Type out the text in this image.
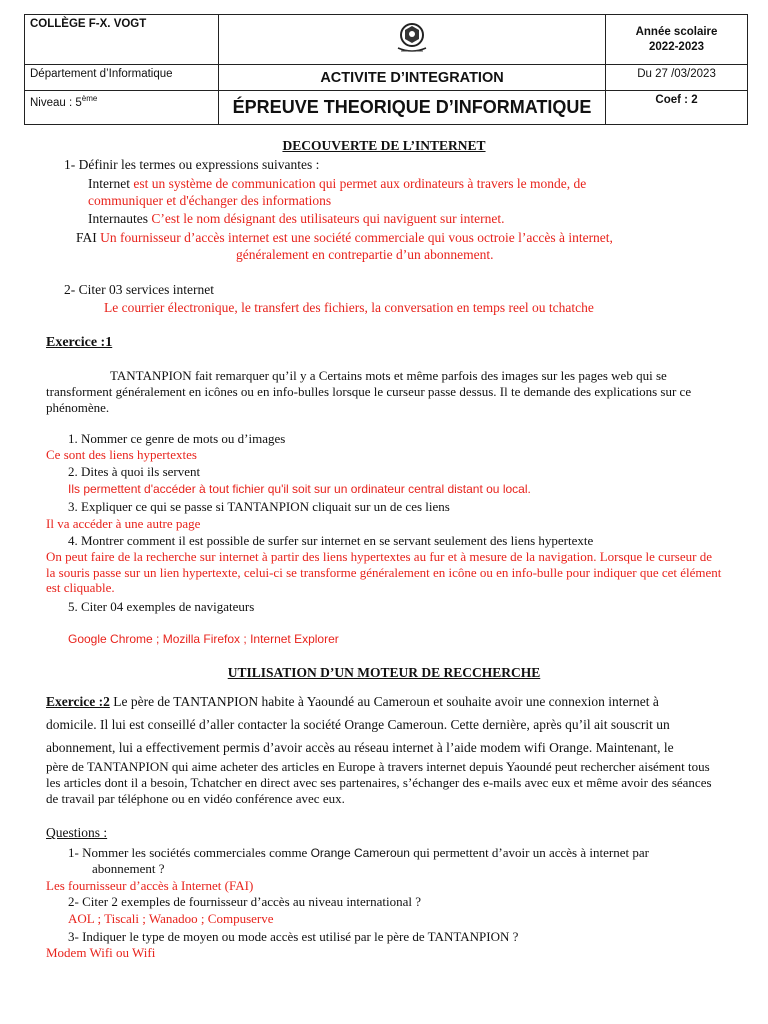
COLLÈGE F-X. VOGT		Année scolaire
2022-2023

Département d’Informatique	ACTIVITE D’INTEGRATION	Du 27 /03/2023
Niveau : 5ème	ÉPREUVE THEORIQUE D’INFORMATIQUE	Coef : 2
DECOUVERTE DE L’INTERNET
1- Définir les termes ou expressions suivantes :
Internet est un système de communication qui permet aux ordinateurs à travers le monde, de
communiquer et d'échanger des informations
Internautes C’est le nom désignant des utilisateurs qui naviguent sur internet.
FAI Un fournisseur d’accès internet est une société commerciale qui vous octroie l’accès à internet,
généralement en contrepartie d’un abonnement.
2- Citer 03 services internet
Le courrier électronique, le transfert des fichiers, la conversation en temps reel ou tchatche
Exercice :1
TANTANPION fait remarquer qu’il y a Certains mots et même parfois des images sur les pages web qui se transforment généralement en icônes ou en info-bulles lorsque le curseur passe dessus. Il te demande des explications sur ce phénomène.
1. Nommer ce genre de mots ou d’images
Ce sont des liens hypertextes
2. Dites à quoi ils servent
Ils permettent d'accéder à tout fichier qu'il soit sur un ordinateur central distant ou local.
3. Expliquer ce qui se passe si TANTANPION cliquait sur un de ces liens
Il va accéder à une autre page
4. Montrer comment il est possible de surfer sur internet en se servant seulement des liens hypertexte
On peut faire de la recherche sur internet à partir des liens hypertextes au fur et à mesure de la navigation. Lorsque le curseur de la souris passe sur un lien hypertexte, celui-ci se transforme généralement en icône ou en info-bulle pour indiquer que cet élément est cliquable.
5. Citer 04 exemples de navigateurs
Google Chrome ; Mozilla Firefox ; Internet Explorer
UTILISATION D’UN MOTEUR DE RECCHERCHE
Exercice :2 Le père de TANTANPION habite à Yaoundé au Cameroun et souhaite avoir une connexion internet à
domicile. Il lui est conseillé d’aller contacter la société Orange Cameroun. Cette dernière, après qu’il ait souscrit un
abonnement, lui a effectivement permis d’avoir accès au réseau internet à l’aide modem wifi Orange. Maintenant, le
père de TANTANPION qui aime acheter des articles en Europe à travers internet depuis Yaoundé peut rechercher aisément tous les articles dont il a besoin, Tchatcher en direct avec ses partenaires, s’échanger des e-mails avec eux et même avoir des séances de travail par téléphone ou en vidéo conférence avec eux.
Questions :
1- Nommer les sociétés commerciales comme Orange Cameroun qui permettent d’avoir un accès à internet par
abonnement ?
Les fournisseur d’accès à Internet (FAI)
2- Citer 2 exemples de fournisseur d’accès au niveau international ?
AOL ; Tiscali ; Wanadoo ; Compuserve
3- Indiquer le type de moyen ou mode accès est utilisé par le père de TANTANPION ?
Modem Wifi ou Wifi
